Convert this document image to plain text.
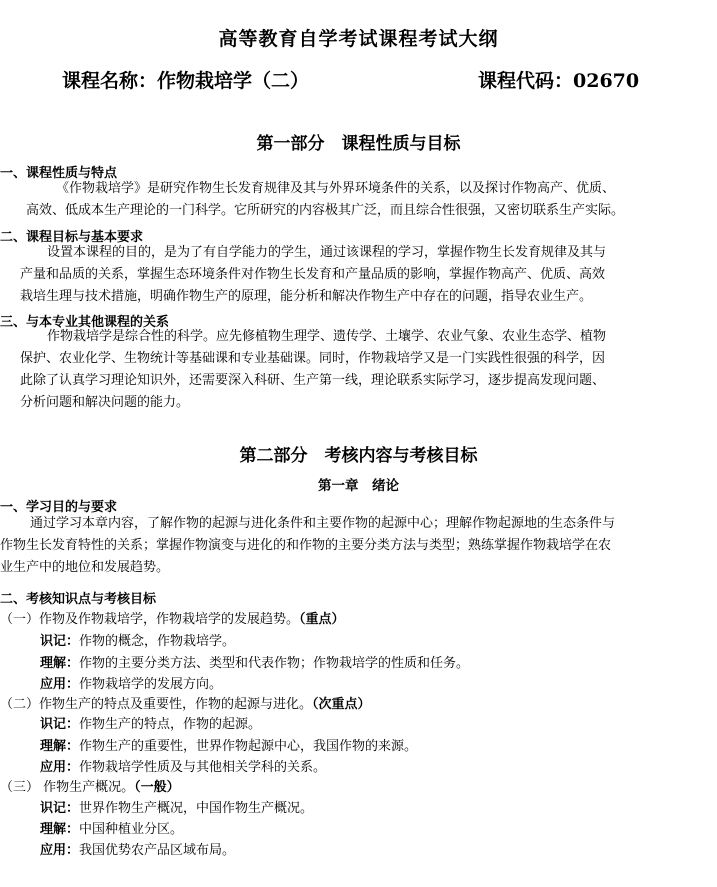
高等教育自学考试课程考试大纲
课程名称：作物栽培学（二）	课程代码：02670
第一部分　课程性质与目标
一、课程性质与特点
《作物栽培学》是研究作物生长发育规律及其与外界环境条件的关系，以及探讨作物高产、优质、
高效、低成本生产理论的一门科学。它所研究的内容极其广泛，而且综合性很强，又密切联系生产实际。
二、课程目标与基本要求
设置本课程的目的，是为了有自学能力的学生，通过该课程的学习，掌握作物生长发育规律及其与
产量和品质的关系，掌握生态环境条件对作物生长发育和产量品质的影响，掌握作物高产、优质、高效
栽培生理与技术措施，明确作物生产的原理，能分析和解决作物生产中存在的问题，指导农业生产。
三、与本专业其他课程的关系
作物栽培学是综合性的科学。应先修植物生理学、遗传学、土壤学、农业气象、农业生态学、植物
保护、农业化学、生物统计等基础课和专业基础课。同时，作物栽培学又是一门实践性很强的科学，因
此除了认真学习理论知识外，还需要深入科研、生产第一线，理论联系实际学习，逐步提高发现问题、
分析问题和解决问题的能力。
第二部分　考核内容与考核目标
第一章　绪论
一、学习目的与要求
通过学习本章内容，了解作物的起源与进化条件和主要作物的起源中心；理解作物起源地的生态条件与
作物生长发育特性的关系；掌握作物演变与进化的和作物的主要分类方法与类型；熟练掌握作物栽培学在农
业生产中的地位和发展趋势。
二、考核知识点与考核目标
（一）作物及作物栽培学，作物栽培学的发展趋势。（重点）
识记：作物的概念，作物栽培学。
理解：作物的主要分类方法、类型和代表作物；作物栽培学的性质和任务。
应用：作物栽培学的发展方向。
（二）作物生产的特点及重要性，作物的起源与进化。（次重点）
识记：作物生产的特点，作物的起源。
理解：作物生产的重要性，世界作物起源中心，我国作物的来源。
应用：作物栽培学性质及与其他相关学科的关系。
（三） 作物生产概况。（一般）
识记：世界作物生产概况，中国作物生产概况。
理解：中国种植业分区。
应用：我国优势农产品区域布局。
